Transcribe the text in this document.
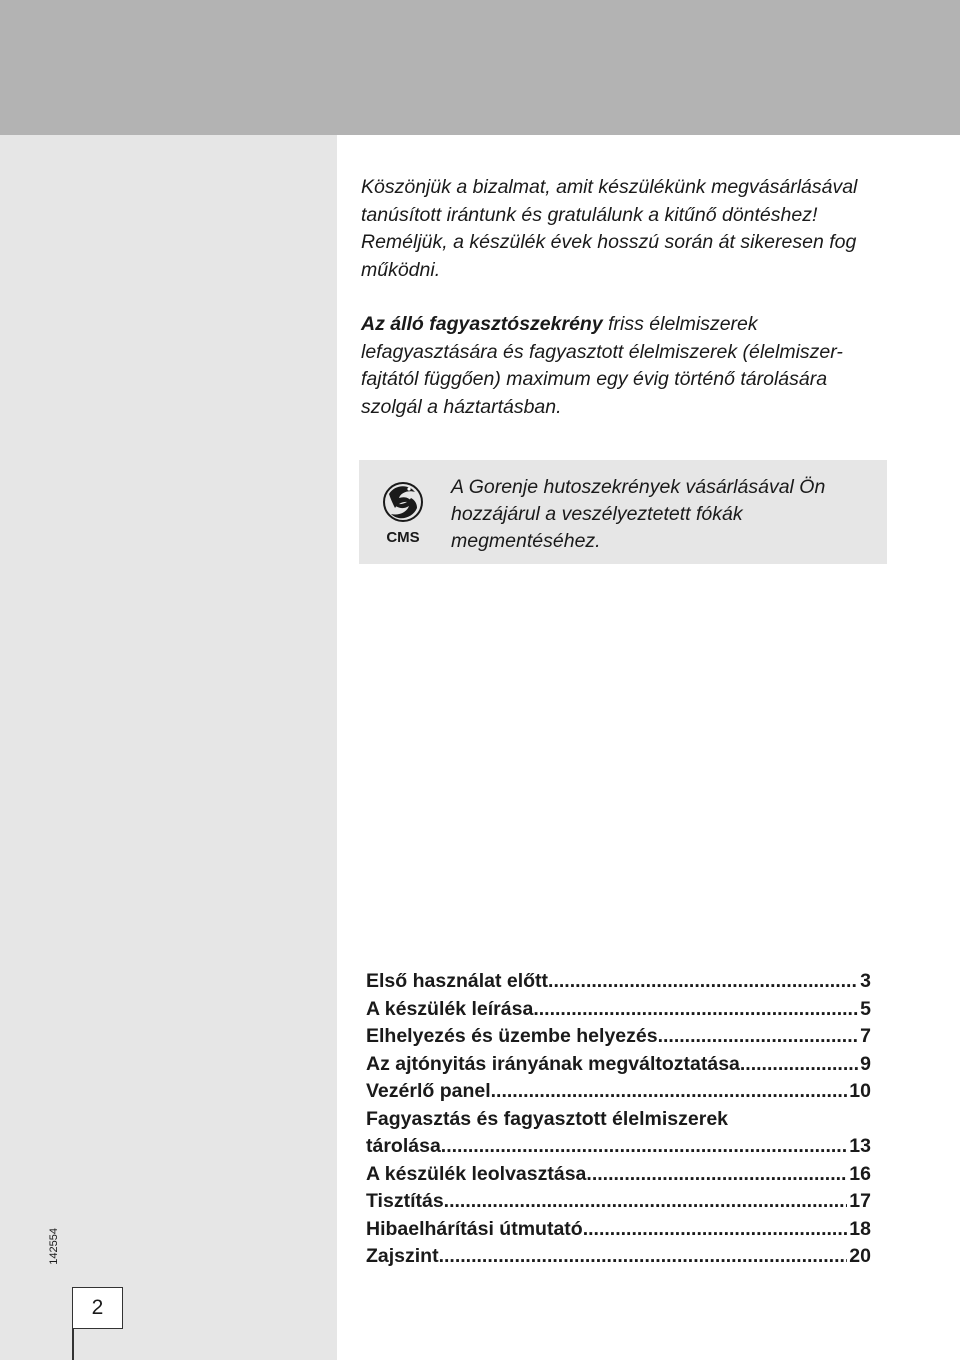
Köszönjük a bizalmat, amit készülékünk megvásárlásával tanúsított irántunk és gratulálunk a kitűnő döntéshez! Reméljük, a készülék évek hosszú során át sikeresen fog működni.

Az álló fagyasztószekrény friss élelmiszerek lefagyasztására és fagyasztott élelmiszerek (élelmiszer-fajtától függően) maximum egy évig történő tárolására szolgál a háztartásban.

CMS
A Gorenje hutoszekrények vásárlásával Ön hozzájárul a veszélyeztetett fókák megmentéséhez.
Első használat előtt .....	3
A készülék leírása .....	5
Elhelyezés és üzembe helyezés .....	7
Az ajtónyitás irányának megváltoztatása .....	9
Vezérlő panel .....	10
Fagyasztás és fagyasztott élelmiszerek
tárolása .....	13
A készülék leolvasztása .....	16
Tisztítás .....	17
Hibaelhárítási útmutató .....	18
Zajszint .....	20
142554
2
